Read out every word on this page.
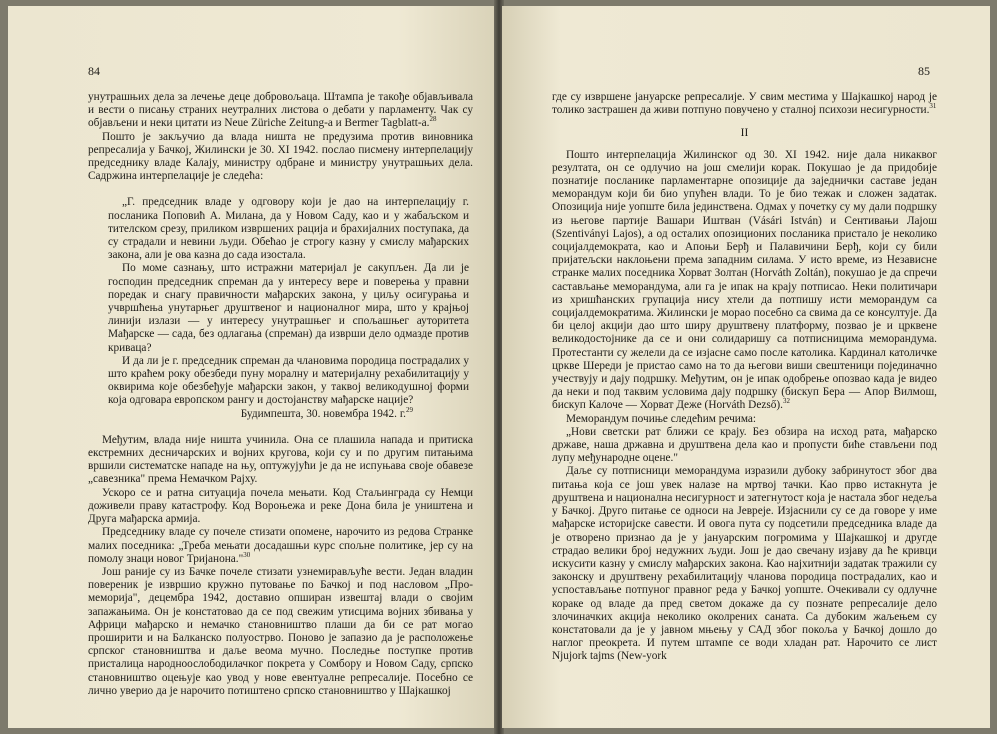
84

унутрашњих дела за лечење деце добровољаца. Штампа је такође објављивала и вести о писању страних неутралних листова о дебати у парламенту. Чак су објављени и неки цитати из Neue Züriche Zeitung-а и Bermer Tagblatt-а.$^{28}$

Пошто је закључио да влада ништа не предузима против виновника репресалија у Бачкој, Жилински је 30. XI 1942. послао писмену интерпелацију председнику владе Калају, министру одбране и министру унутрашњих дела. Садржина интерпелације је следећа:

„Г. председник владе у одговору који је дао на интерпелацију г. посланика Поповић А. Милана, да у Новом Саду, као и у жабаљском и тителском срезу, приликом извршених рација и брахијалних поступака, да су страдали и невини људи. Обећао је строгу казну у смислу мађарских закона, али је ова казна до сада изостала.

По моме сазнању, што истражни материјал је сакупљен. Да ли је господин председник спреман да у интересу вере и поверења у правни поредак и снагу правичности мађарских закона, у циљу осигурања и учвршћења унутарњег друштвеног и националног мира, што у крајњој линији излази — у интересу унутрашњег и спољашњег ауторитета Мађарске — сада, без одлагања (спреман) да изврши дело одмазде против криваца?

И да ли је г. председник спреман да члановима породица пострадалих у што краћем року обезбеди пуну моралну и материјалну рехабилитацију у оквирима које обезбеђује мађарски закон, у таквој великодушној форми која одговара европском рангу и достојанству мађарске нације?

Будимпешта, 30. новембра 1942. г.$^{29}$

Међутим, влада није ништа учинила. Она се плашила напада и притиска екстремних десничарских и војних кругова, који су и по другим питањима вршили систематске нападе на њу, оптужујући је да не испуњава своје обавезе „савезника" према Немачком Рајху.

Ускоро се и ратна ситуација почела мењати. Код Стаљинграда су Немци доживели праву катастрофу. Код Вороњежа и реке Дона била је уништена и Друга мађарска армија.

Председнику владе су почеле стизати опомене, нарочито из редова Странке малих поседника: „Треба мењати досадашњи курс спољне политике, јер су на помолу знаци новог Тријанона."$^{30}$

Још раније су из Бачке почеле стизати узнемирављуће вести. Један владин повереник је извршио кружно путовање по Бачкој и под насловом „Про-меморија", децембра 1942, доставио опширан извештај влади о својим запажањима. Он је констатовао да се под свежим утисцима војних збивања у Африци мађарско и немачко становништво плаши да би се рат могао проширити и на Балканско полуострво. Поново је запазио да је расположење српског становништва и даље веома мучно. Последње поступке против присталица народноослободилачког покрета у Сомбору и Новом Саду, српско становништво оцењује као увод у нове евентуалне репресалије. Посебно се лично уверио да је нарочито потиштено српско становништво у Шајкашкој

85

где су извршене јануарске репресалије. У свим местима у Шајкашкој народ је толико застрашен да живи потпуно повучено у сталној психози несигурности.$^{31}$

II

Пошто интерпелација Жилинског од 30. XI 1942. није дала никаквог резултата, он се одлучио на још смелији корак. Покушао је да придобије познатије посланике парламентарне опозиције да заједнички саставе један меморандум који би био упућен влади. То је био тежак и сложен задатак. Опозиција није уопште била јединствена. Одмах у почетку су му дали подршку из његове партије Вашари Иштван (Vásári István) и Сентивањи Лајош (Szentiványi Lajos), а од осталих опозиционих посланика пристало је неколико социјалдемократа, као и Апоњи Берђ и Палавичини Берђ, који су били пријатељски наклоњени према западним силама. У исто време, из Независне странке малих поседника Хорват Золтан (Horváth Zoltán), покушао је да спречи састављање меморандума, али га је ипак на крају потписао. Неки политичари из хришћанских групација нису хтели да потпишу исти меморандум са социјалдемократима. Жилински је морао посебно са свима да се консултује. Да би целој акцији дао што ширу друштвену платформу, позвао је и црквене великодостојнике да се и они солидаришу са потписницима меморандума. Протестанти су желели да се изјасне само после католика. Кардинал католичке цркве Шереди је пристао само на то да његови виши свештеници појединачно учествују и дају подршку. Међутим, он је ипак одобрење опозвао када је видео да неки и под таквим условима дају подршку (бискуп Бера — Апор Вилмош, бискуп Калоче — Хорват Деже (Horváth Dezső).$^{32}$

Меморандум почиње следећим речима:

„Нови светски рат ближи се крају. Без обзира на исход рата, мађарско државе, наша државна и друштвена дела као и пропусти биће стављени под лупу међународне оцене."

Даље су потписници меморандума изразили дубоку забринутост због два питања која се још увек налазе на мртвој тачки. Као прво истакнута је друштвена и национална несигурност и затегнутост која је настала због недеља у Бачкој. Друго питање се односи на Јевреје. Изјаснили су се да говоре у име мађарске историјске савести. И овога пута су подсетили председника владе да је отворено признао да је у јануарским погромима у Шајкашкој и другде страдао велики број недужних људи. Још је дао свечану изјаву да ће кривци искусити казну у смислу мађарских закона. Као најхитнији задатак тражили су законску и друштвену рехабилитацију чланова породица пострадалих, као и успостављање потпуног правног реда у Бачкој уопште. Очекивали су одлучне кораке од владе да пред светом докаже да су познате репресалије дело злочиначких акција неколико околрених саната. Са дубоким жаљењем су констатовали да је у јавном мњењу у САД због покоља у Бачкој дошло до наглог преокрета. И путем штампе се води хладан рат. Нарочито се лист Njujork tajms (New-york
